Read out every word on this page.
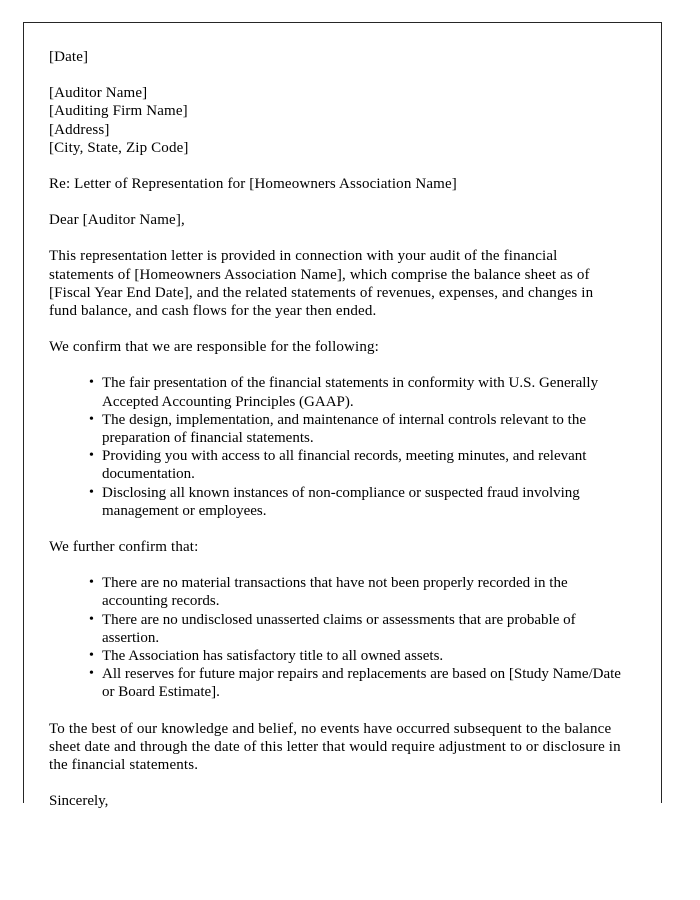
[Date]

[Auditor Name]

[Auditing Firm Name]

[Address]

[City, State, Zip Code]

Re: Letter of Representation for [Homeowners Association Name]

Dear [Auditor Name],

This representation letter is provided in connection with your audit of the financial statements of [Homeowners Association Name], which comprise the balance sheet as of [Fiscal Year End Date], and the related statements of revenues, expenses, and changes in fund balance, and cash flows for the year then ended.

We confirm that we are responsible for the following:

• The fair presentation of the financial statements in conformity with U.S. Generally Accepted Accounting Principles (GAAP).
• The design, implementation, and maintenance of internal controls relevant to the preparation of financial statements.
• Providing you with access to all financial records, meeting minutes, and relevant documentation.
• Disclosing all known instances of non-compliance or suspected fraud involving management or employees.

We further confirm that:

• There are no material transactions that have not been properly recorded in the accounting records.
• There are no undisclosed unasserted claims or assessments that are probable of assertion.
• The Association has satisfactory title to all owned assets.
• All reserves for future major repairs and replacements are based on [Study Name/Date or Board Estimate].

To the best of our knowledge and belief, no events have occurred subsequent to the balance sheet date and through the date of this letter that would require adjustment to or disclosure in the financial statements.

Sincerely,
